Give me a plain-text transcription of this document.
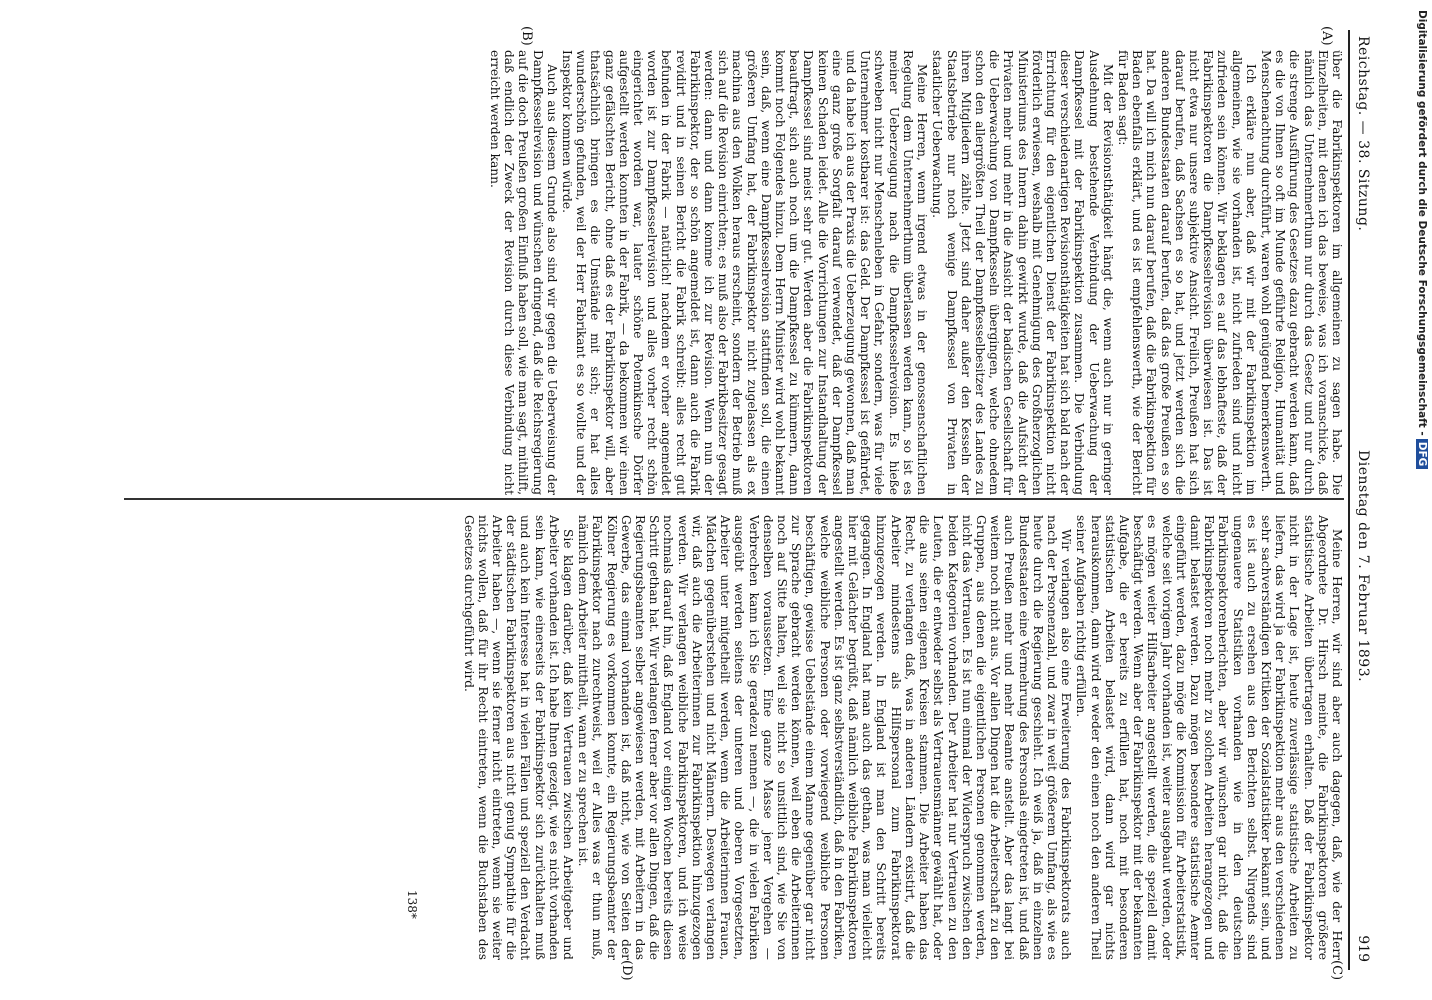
Reichstag. — 38. Sitzung.
Dienstag den 7. Februar 1893.
919
(A)
(B)
(C)
(D)

über die Fabrikinspektoren im allgemeinen zu sagen habe. Die Einzelheiten, mit denen ich das beweise, was ich voranschicke, daß nämlich das Unternehmerthum nur durch das Gesetz und nur durch die strenge Ausführung des Gesetzes dazu gebracht werden kann, daß es die von Ihnen so oft im Munde geführte Religion, Humanität und Menschenachtung durchführt, waren wohl genügend bemerkenswerth.

Ich erkläre nun aber, daß wir mit der Fabrikinspektion im allgemeinen, wie sie vorhanden ist, nicht zufrieden sind und nicht zufrieden sein können. Wir beklagen es auf das lebhafteste, daß der Fabrikinspektoren die Dampfkesselrevision überwiesen ist. Das ist nicht etwa nur unsere subjektive Ansicht. Freilich, Preußen hat sich darauf berufen, daß Sachsen es so hat, und jetzt werden sich die anderen Bundesstaaten darauf berufen, daß das große Preußen es so hat. Da will ich mich nun darauf berufen, daß die Fabrikinspektion für Baden ebenfalls erklärt, und es ist empfehlenswerth, wie der Bericht für Baden sagt:

Mit der Revisionsthätigkeit hängt die, wenn auch nur in geringer Ausdehnung bestehende Verbindung der Ueberwachung der Dampfkessel mit der Fabrikinspektion zusammen. Die Verbindung dieser verschiedenartigen Revisionsthätigkeiten hat sich bald nach der Errichtung für den eigentlichen Dienst der Fabrikinspektion nicht förderlich erwiesen, weshalb mit Genehmigung des Großherzoglichen Ministeriums des Innern dahin gewirkt wurde, daß die Aufsicht der Privaten mehr und mehr in die Ansicht der badischen Gesellschaft für die Ueberwachung von Dampfkesseln übergingen, welche ohnedem schon den allergrößten Theil der Dampfkesselbesitzer des Landes zu ihren Mitgliedern zählte. Jetzt sind daher außer den Kesseln der Staatsbetriebe nur noch wenige Dampfkessel von Privaten in staatlicher Ueberwachung.

Meine Herren, wenn irgend etwas in der genossenschaftlichen Regelung dem Unternehmerthum überlassen werden kann, so ist es meiner Ueberzeugung nach die Dampfkesselrevision. Es hieße schweben nicht nur Menschenleben in Gefahr, sondern, was für viele Unternehmer kostbarer ist: das Geld. Der Dampfkessel ist gefährdet, und da habe ich aus der Praxis die Ueberzeugung gewonnen, daß man eine ganz große Sorgfalt darauf verwendet, daß der Dampfkessel keinen Schaden leidet. Alle die Vorrichtungen zur Instandhaltung der Dampfkessel sind meist sehr gut. Werden aber die Fabrikinspektoren beauftragt, sich auch noch um die Dampfkessel zu kümmern, dann kommt noch Folgendes hinzu. Dem Herrn Minister wird wohl bekannt sein, daß, wenn eine Dampfkesselrevision stattfinden soll, die einen größeren Umfang hat, der Fabrikinspektor nicht zugelassen als ex machina aus den Wolken heraus erscheint, sondern der Betrieb muß sich auf die Revision einrichten; es muß also der Fabrikbesitzer gesagt werden: dann und dann komme ich zur Revision. Wenn nun der Fabrikinspektor, der so schön angemeldet ist, dann auch die Fabrik revidirt und in seinen Bericht die Fabrik schreibt: alles recht gut befunden in der Fabrik — natürlich! nachdem er vorher angemeldet worden ist zur Dampfkesselrevision und alles vorher recht schön eingerichtet worden war, lauter schöne Potemkinsche Dörfer aufgestellt werden konnten in der Fabrik, — da bekommen wir einen ganz gefälschten Bericht, ohne daß es der Fabrikinspektor will, aber thatsächlich bringen es die Umstände mit sich; er hat alles wunderschön gefunden, weil der Herr Fabrikant es so wollte und der Inspektor kommen würde.

Auch aus diesem Grunde also sind wir gegen die Ueberweisung der Dampfkesselrevision und wünschen dringend, daß die Reichsregierung auf die doch Preußen großen Einfluß haben soll, wie man sagt, mithilft, daß endlich der Zweck der Revision durch diese Verbindung nicht erreicht werden kann.

Meine Herren, wir sind aber auch dagegen, daß, wie der Herr Abgeordnete Dr. Hirsch meinte, die Fabrikinspektoren größere statistische Arbeiten übertragen erhalten. Daß der Fabrikinspektor nicht in der Lage ist, heute zuverlässige statistische Arbeiten zu liefern, das wird ja der Fabrikinspektion mehr aus den verschiedenen sehr sachverständigen Kritiken der Sozialstatistiker bekannt sein, und es ist auch zu ersehen aus den Berichten selbst. Nirgends sind ungenauere Statistiken vorhanden wie in den deutschen Fabrikinspektorenberichten, aber wir wünschen gar nicht, daß die Fabrikinspektoren noch mehr zu solchen Arbeiten herangezogen und damit belastet werden. Dazu mögen besondere statistische Aemter eingeführt werden, dazu möge die Kommission für Arbeiterstatistik, welche seit vorigem Jahr vorhanden ist, weiter ausgebaut werden, oder es mögen weiter Hilfsarbeiter angestellt werden, die speziell damit beschäftigt werden. Wenn aber der Fabrikinspektor mit der bekannten Aufgabe, die er bereits zu erfüllen hat, noch mit besonderen statistischen Arbeiten belastet wird, dann wird gar nichts herauskommen, dann wird er weder den einen noch den anderen Theil seiner Aufgaben richtig erfüllen.

Wir verlangen also eine Erweiterung des Fabrikinspektorats auch nach der Personenzahl, und zwar in weit größerem Umfang, als wie es heute durch die Regierung geschieht. Ich weiß ja, daß in einzelnen Bundesstaaten eine Vermehrung des Personals eingetreten ist, und daß auch Preußen mehr und mehr Beamte anstellt. Aber das langt bei weitem noch nicht aus. Vor allen Dingen hat die Arbeiterschaft zu den Gruppen, aus denen die eigentlichen Personen genommen werden, nicht das Vertrauen. Es ist nun einmal der Widerspruch zwischen den beiden Kategorien vorhanden. Der Arbeiter hat nur Vertrauen zu den Leuten, die er entweder selbst als Vertrauensmänner gewählt hat, oder die aus seinen eigenen Kreisen stammen. Die Arbeiter haben das Recht, zu verlangen daß, was in anderen Ländern existirt, daß die Arbeiter mindestens als Hilfspersonal zum Fabrikinspektorat hinzugezogen werden. In England ist man den Schritt bereits gegangen. In England hat man auch das gethan, was man vielleicht hier mit Gelächter begrüßt, daß nämlich weibliche Fabrikinspektoren angestellt werden. Es ist ganz selbstverständlich, daß in den Fabriken, welche weibliche Personen oder vorwiegend weibliche Personen beschäftigen, gewisse Uebelstände einem Manne gegenüber gar nicht zur Sprache gebracht werden können, weil eben die Arbeiterinnen noch auf Sitte halten, weil sie nicht so unsittlich sind, wie Sie von denselben voraussetzen. Eine ganze Masse jener Vergehen — Verbrechen kann ich Sie geradezu nennen —, die in vielen Fabriken ausgeübt werden seitens der unteren und oberen Vorgesetzten, Arbeiter unter mitgetheilt werden, wenn die Arbeiterinnen Frauen, Mädchen gegenüberstehen und nicht Männern. Deswegen verlangen wir, daß auch die Arbeiterinnen zur Fabrikinspektion hinzugezogen werden. Wir verlangen weibliche Fabrikinspektoren, und ich weise nochmals darauf hin, daß England vor einigen Wochen bereits diesen Schritt gethan hat. Wir verlangen ferner aber vor allen Dingen, daß die Regierungsbeamten selber angewiesen werden, mit Arbeitern in das Gewerbe, das einmal vorhanden ist, daß nicht, wie von Seiten der Kölner Regierung es vorkommen konnte, ein Regierungsbeamter der Fabrikinspektor nach zurechtweist, weil er Alles was er thun muß, nämlich dem Arbeiter mittheilt, wann er zu sprechen ist.

Sie klagen darüber, daß kein Vertrauen zwischen Arbeitgeber und Arbeiter vorhanden ist. Ich habe Ihnen gezeigt, wie es nicht vorhanden sein kann, wie einerseits der Fabrikinspektor sich zurückhalten muß und auch kein Interesse hat in vielen Fällen und speziell den Verdacht der städtischen Fabrikinspektoren aus nicht genug Sympathie für die Arbeiter haben —, wenn sie ferner nicht eintreten, wenn sie weiter nichts wollen, daß für ihr Recht eintreten, wenn die Buchstaben des Gesetzes durchgeführt wird.

138*
Digitalisierung gefördert durch die Deutsche Forschungsgemeinschaft -DFG
